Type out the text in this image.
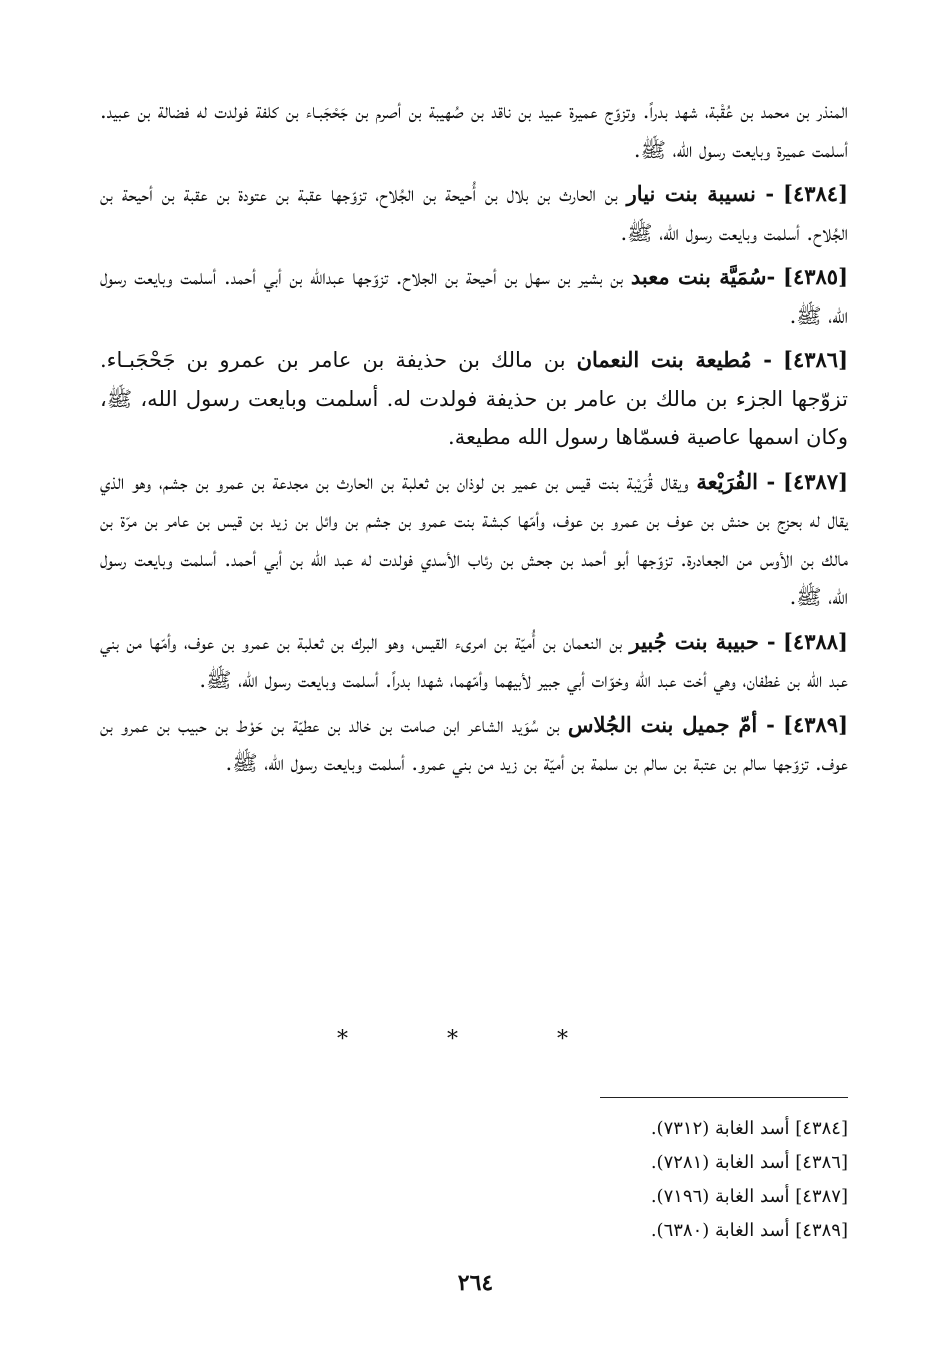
المنذر بن محمد بن عُقْبة، شهد بدراً. وتزوّج عميرة عبيد بن ناقد بن صُهيبة بن أصرم بن جَحْجَبـاء بن كلفة فولدت له فضالة بن عبيد. أسلمت عميرة وبايعت رسول الله، ﷺ.

[٤٣٨٤] - نسيبة بنت نيار بن الحارث بن بلال بن أُحيحة بن الجُلاح، تزوّجها عقبة بن عتودة بن عقبة بن أحيحة بن الجُلاح. أسلمت وبايعت رسول الله، ﷺ.

[٤٣٨٥] -سُمَيَّة بنت معبد بن بشير بن سهل بن أحيحة بن الجلاح. تزوّجها عبدالله بن أبي أحمد. أسلمت وبايعت رسول الله، ﷺ.

[٤٣٨٦] - مُطيعة بنت النعمان بن مالك بن حذيفة بن عامر بن عمرو بن جَحْجَبـاء. تزوّجها الجزء بن مالك بن عامر بن حذيفة فولدت له. أسلمت وبايعت رسول الله، ﷺ، وكان اسمها عاصية فسمّاها رسول الله مطيعة.

[٤٣٨٧] - الفُرَيْعة ويقال قُرَيْبة بنت قيس بن عمير بن لوذان بن ثعلبة بن الحارث بن مجدعة بن عمرو بن جشم، وهو الذي يقال له بحزج بن حنش بن عوف بن عمرو بن عوف، وأمّها كبشة بنت عمرو بن جشم بن وائل بن زيد بن قيس بن عامر بن مرّة بن مالك بن الأوس من الجعادرة. تزوّجها أبو أحمد بن جحش بن رئاب الأسدي فولدت له عبد الله بن أبي أحمد. أسلمت وبايعت رسول الله، ﷺ.

[٤٣٨٨] - حبيبة بنت جُبير بن النعمان بن أُميّة بن امرىء القيس، وهو البرك بن ثعلبة بن عمرو بن عوف، وأمّها من بني عبد الله بن غطفان، وهي أخت عبد الله وخوّات أبي جبير لأبيهما وأمّهما، شهدا بدراً. أسلمت وبايعت رسول الله، ﷺ.

[٤٣٨٩] - أمّ جميل بنت الجُلاس بن سُوَيد الشاعر ابن صامت بن خالد بن عطيّة بن حَوْط بن حبيب بن عمرو بن عوف. تزوّجها سالم بن عتبة بن سالم بن سلمة بن أميّة بن زيد من بني عمرو. أسلمت وبايعت رسول الله، ﷺ.

* * *
[٤٣٨٤] أسد الغابة (٧٣١٢).
[٤٣٨٦] أسد الغابة (٧٢٨١).
[٤٣٨٧] أسد الغابة (٧١٩٦).
[٤٣٨٩] أسد الغابة (٦٣٨٠).
٢٦٤
